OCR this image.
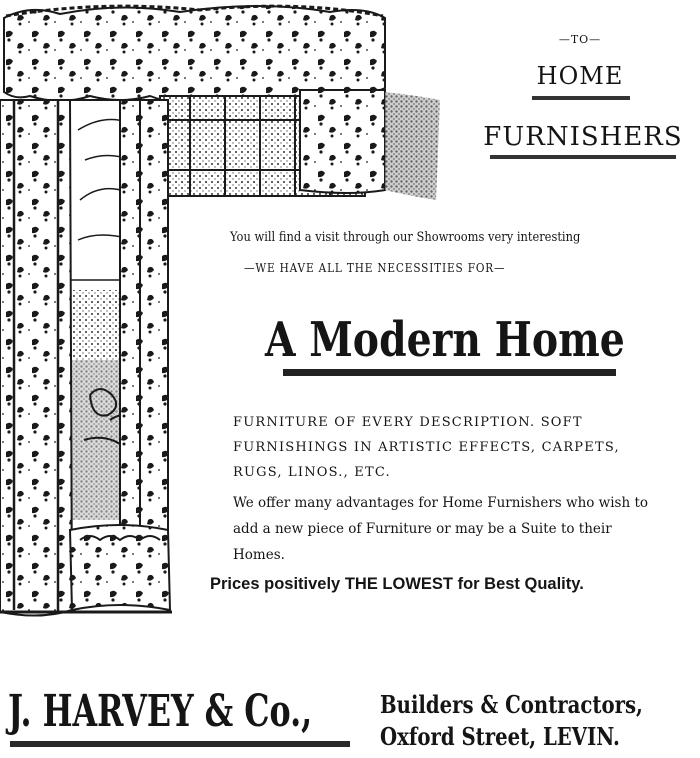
—TO—
HOME
FURNISHERS
You will find a visit through our Showrooms very interesting
—WE HAVE ALL THE NECESSITIES FOR—
A Modern Home
FURNITURE OF EVERY DESCRIPTION. SOFT FURNISHINGS IN ARTISTIC EFFECTS, CARPETS, RUGS, LINOS., ETC.
We offer many advantages for Home Furnishers who wish to add a new piece of Furniture or may be a Suite to their Homes.
Prices positively THE LOWEST for Best Quality.
J. HARVEY & Co.,	Builders & Contractors,
Oxford Street, LEVIN.
